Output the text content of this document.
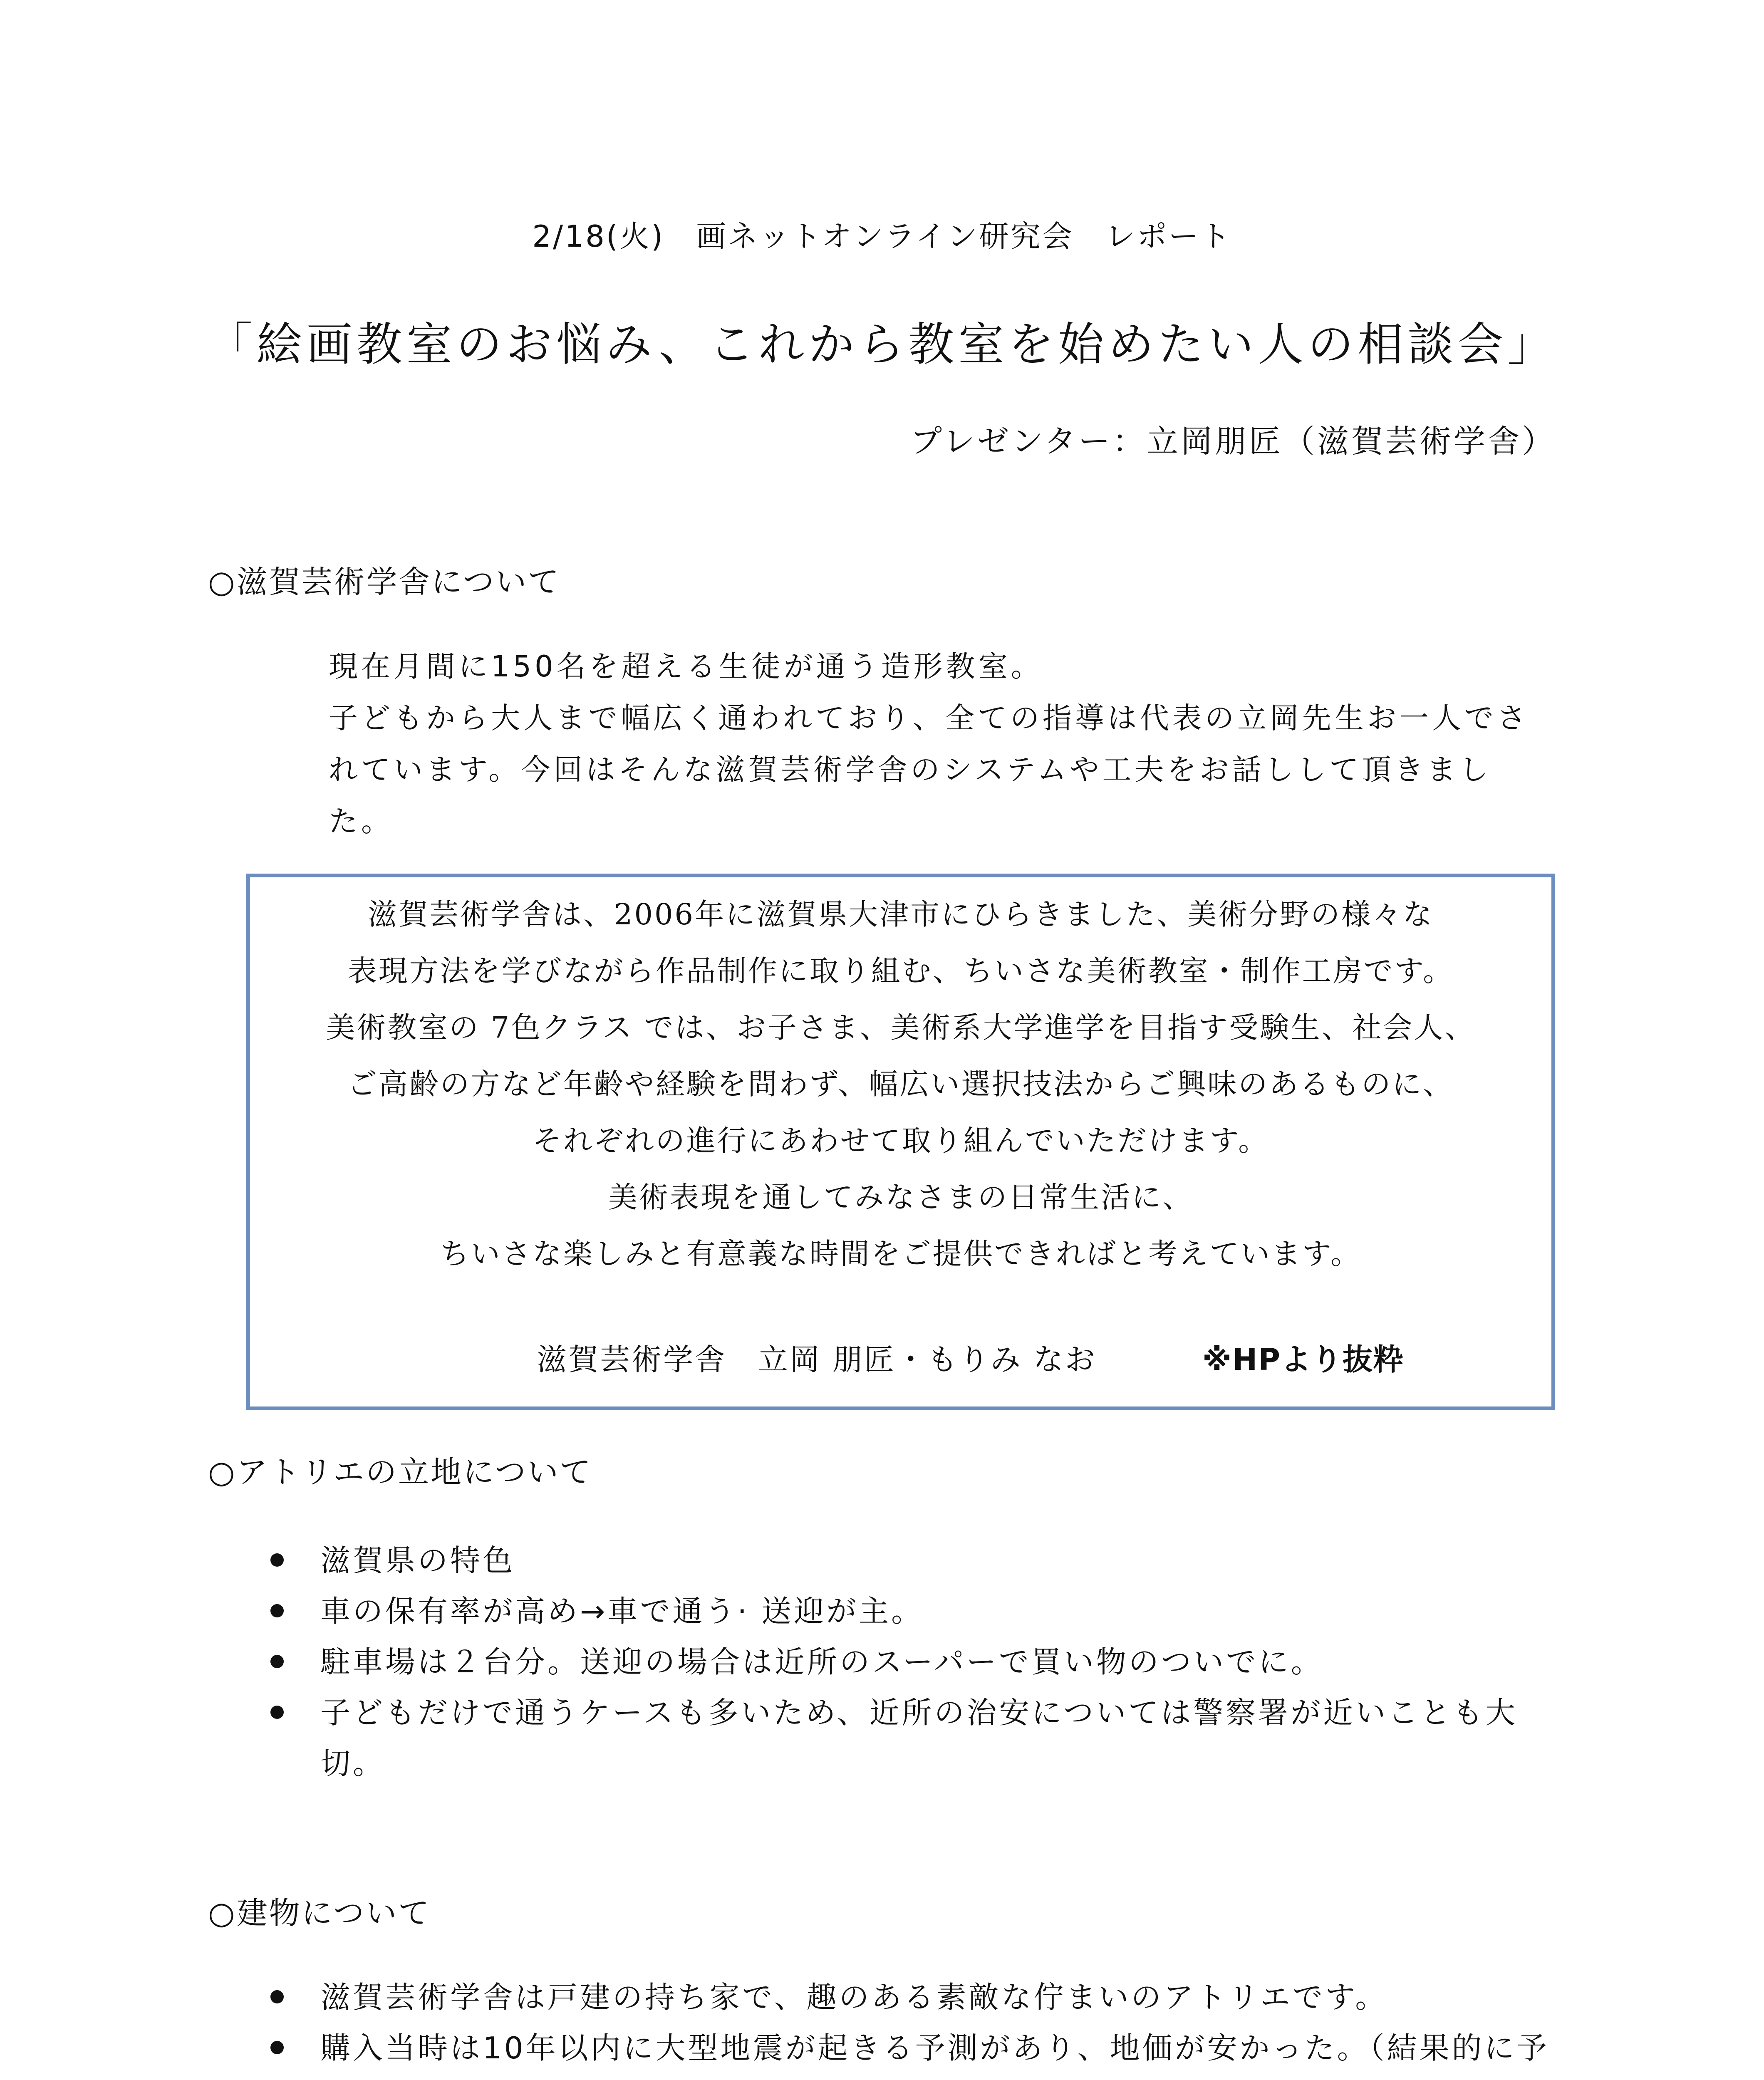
2/18(火)　画ネットオンライン研究会　レポート
「絵画教室のお悩み、これから教室を始めたい人の相談会」
プレゼンター：立岡朋匠（滋賀芸術学舎）
○滋賀芸術学舎について
現在月間に150名を超える生徒が通う造形教室。
子どもから大人まで幅広く通われており、全ての指導は代表の立岡先生お一人でさ
れています。今回はそんな滋賀芸術学舎のシステムや工夫をお話しして頂きまし
た。
滋賀芸術学舎は、2006年に滋賀県大津市にひらきました、美術分野の様々な
表現方法を学びながら作品制作に取り組む、ちいさな美術教室・制作工房です。
美術教室の 7色クラス では、お子さま、美術系大学進学を目指す受験生、社会人、
ご高齢の方など年齢や経験を問わず、幅広い選択技法からご興味のあるものに、
それぞれの進行にあわせて取り組んでいただけます。
美術表現を通してみなさまの日常生活に、
ちいさな楽しみと有意義な時間をご提供できればと考えています。
滋賀芸術学舎　立岡 朋匠・もりみ なお	※HPより抜粋
○アトリエの立地について
滋賀県の特色
車の保有率が高め→車で通う· 送迎が主。
駐車場は２台分。送迎の場合は近所のスーパーで買い物のついでに。
子どもだけで通うケースも多いため、近所の治安については警察署が近いことも大切。
○建物について
滋賀芸術学舎は戸建の持ち家で、趣のある素敵な佇まいのアトリエです。
購入当時は10年以内に大型地震が起きる予測があり、地価が安かった。（結果的に予
